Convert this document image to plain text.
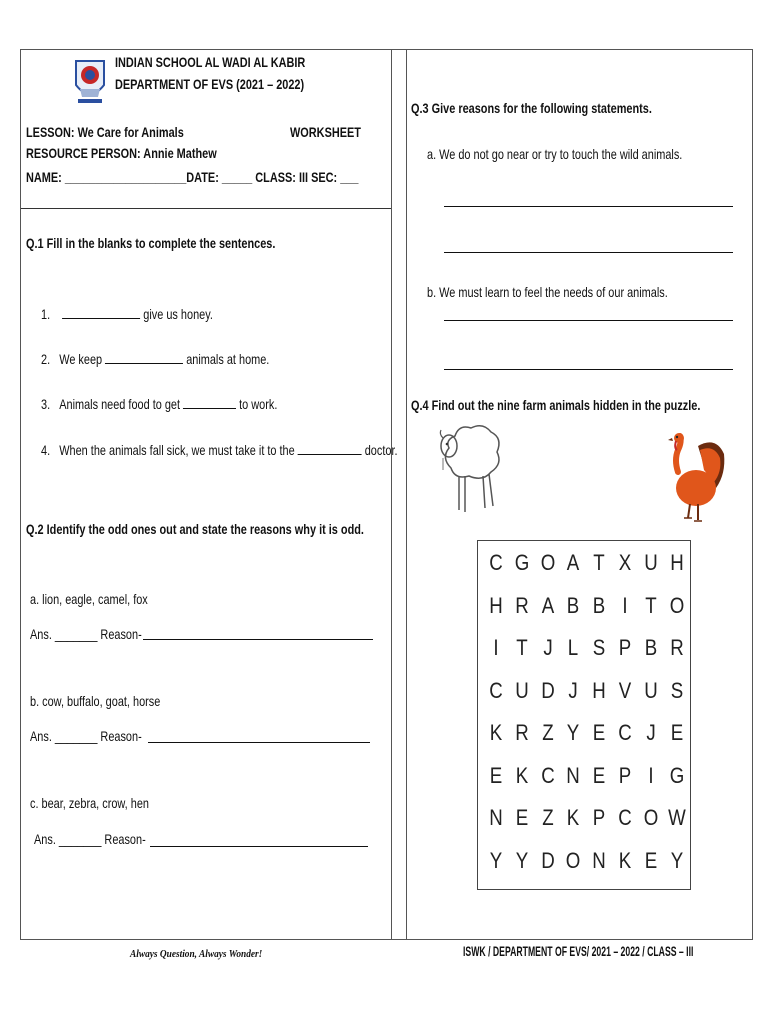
INDIAN SCHOOL AL WADI AL KABIR
DEPARTMENT OF EVS (2021 – 2022)
LESSON: We Care for Animals	WORKSHEET
RESOURCE PERSON: Annie Mathew
NAME: ____________________DATE: _____ CLASS: III SEC: ___
Q.1 Fill in the blanks to complete the sentences.
1.	give us honey.
2. We keep	animals at home.
3. Animals need food to get	to work.
4. When the animals fall sick, we must take it to the	doctor.
Q.2 Identify the odd ones out and state the reasons why it is odd.
a. lion, eagle, camel, fox
Ans. _______ Reason-
b. cow, buffalo, goat, horse
Ans. _______ Reason-
c. bear, zebra, crow, hen
Ans. _______ Reason-
Q.3 Give reasons for the following statements.
a. We do not go near or try to touch the wild animals.
b. We must learn to feel the needs of our animals.
Q.4 Find out the nine farm animals hidden in the puzzle.
C G O A T X U H
H R A B B I T O
I T J L S P B R
C U D J H V U S
K R Z Y E C J E
E K C N E P I G
N E Z K P C O W
Y Y D O N K E Y
Always Question, Always Wonder!	ISWK / DEPARTMENT OF EVS/ 2021 – 2022 / CLASS – III
